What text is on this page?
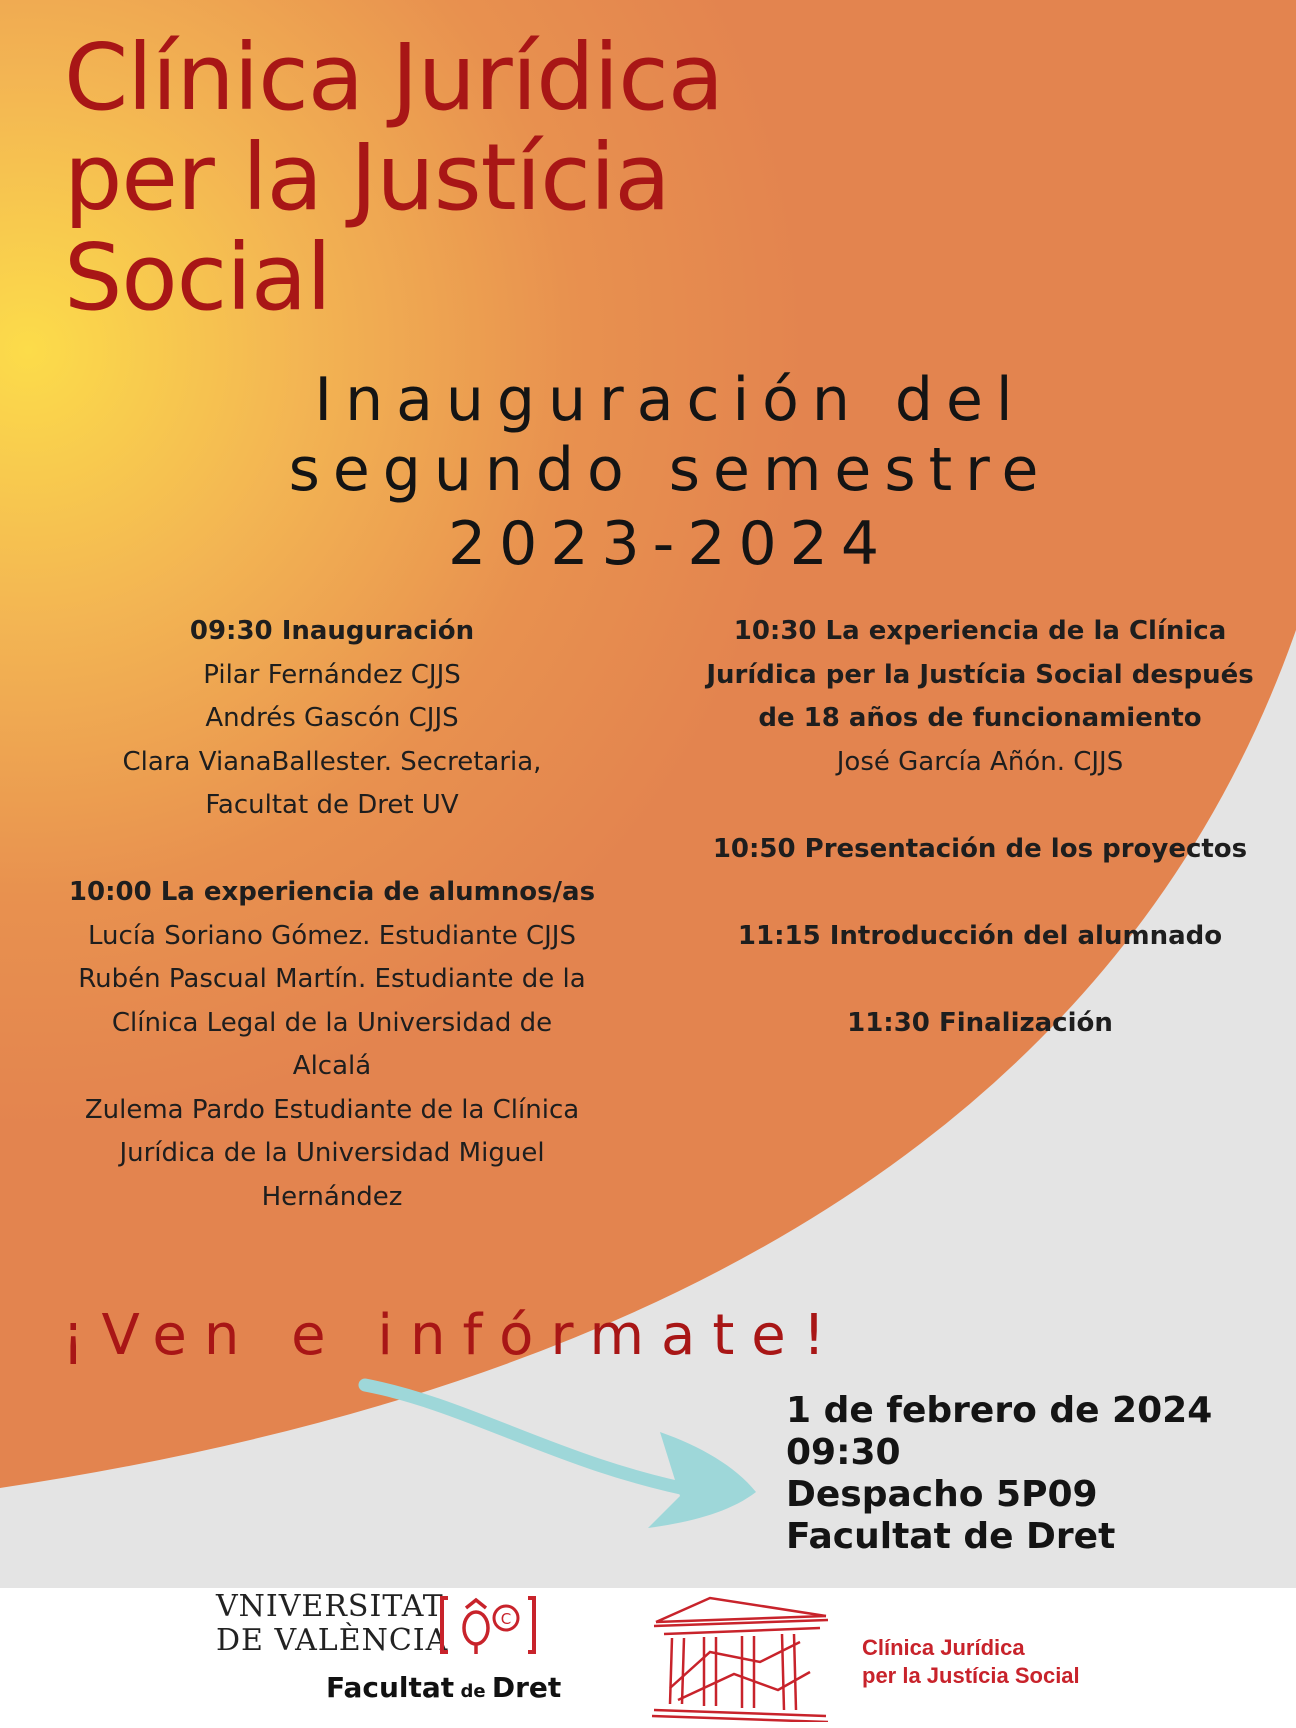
Clínica Jurídica
per la Justícia
Social
Inauguración del
segundo semestre
2023-2024
09:30 Inauguración
Pilar Fernández CJJS
Andrés Gascón CJJS
Clara VianaBallester. Secretaria,
Facultat de Dret UV
10:00 La experiencia de alumnos/as
Lucía Soriano Gómez. Estudiante CJJS
Rubén Pascual Martín. Estudiante de la
Clínica Legal de la Universidad de
Alcalá
Zulema Pardo Estudiante de la Clínica
Jurídica de la Universidad Miguel
Hernández
10:30 La experiencia de la Clínica
Jurídica per la Justícia Social después
de 18 años de funcionamiento
José García Añón. CJJS
10:50 Presentación de los proyectos
11:15 Introducción del alumnado
11:30 Finalización
¡Ven e infórmate!
1 de febrero de 2024
09:30
Despacho 5P09
Facultat de Dret
VNIVERSITAT
DE VALÈNCIA
C
Facultat de Dret
Clínica Jurídica
per la Justícia Social
